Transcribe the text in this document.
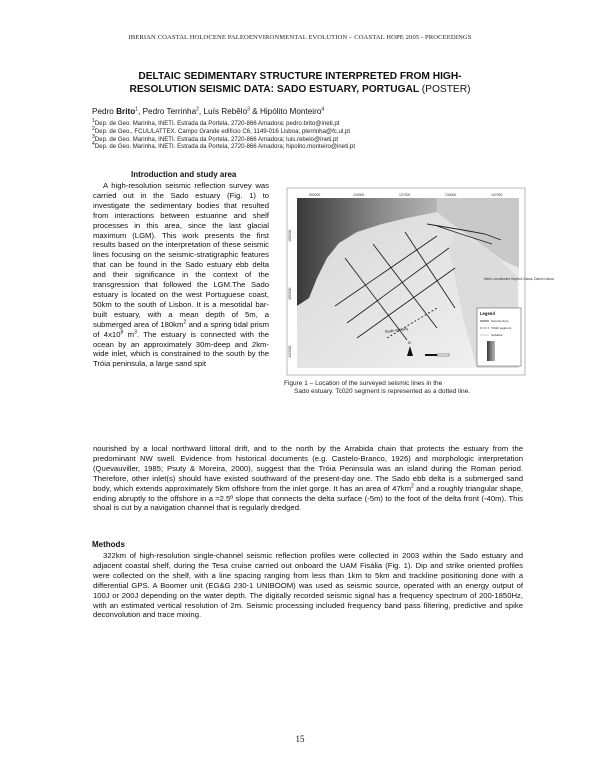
IBERIAN COASTAL HOLOCENE PALEOENVIRONMENTAL EVOLUTION – COASTAL HOPE 2005 - PROCEEDINGS
DELTAIC SEDIMENTARY STRUCTURE INTERPRETED FROM HIGH-
RESOLUTION SEISMIC DATA: SADO ESTUARY, PORTUGAL (POSTER)
Pedro Brito$^1$, Pedro Terrinha$^2$, Luís Rebêlo$^3$ & Hipólito Monteiro$^4$
$^1$Dep. de Geo. Marinha, INETI. Estrada da Portela, 2720-866 Amadora; pedro.brito@ineti.pt
$^2$Dep. de Geo., FCUL/LATTEX. Campo Grande edifício C6, 1149-016 Lisboa; pterrinha@fc.ul.pt
$^3$Dep. de Geo. Marinha, INETI. Estrada da Portela, 2720-866 Amadora; luis.rebelo@ineti.pt
$^4$Dep. de Geo. Marinha, INETI. Estrada da Portela, 2720-866 Amadora; hipolito.monteiro@ineti.pt
Introduction and study area
A high-resolution seismic reflection survey was carried out in the Sado estuary (Fig. 1) to investigate the sedimentary bodies that resulted from interactions between estuarine and shelf processes in this area, since the last glacial maximum (LGM). This work presents the first results based on the interpretation of these seismic lines focusing on the seismic-stratigraphic features that can be found in the Sado estuary ebb delta and their significance in the context of the transgression that followed the LGM.The Sado estuary is located on the west Portuguese coast, 50km to the south of Lisbon. It is a mesotidal bar-built estuary, with a mean depth of 5m, a submerged area of $180km^2$ and a spring tidal prism of $4x10^8$ $m^3$. The estuary is connected with the ocean by an approximately 30m-deep and 2km-wide inlet, which is constrained to the south by the Tróia peninsula, a large sand spit
500000	100000	127000	134000	147000
4265000
4255000
4245000
Sado estuary
N
Metric coordinates Hayford-Gauss, Datum Lisboa
Legend
Seismic lines
Tc020 segment
Isobaths
Figure 1 – Location of the surveyed seismic lines in the
Sado estuary. Tc020 segment is represented as a dotted line.
nourished by a local northward littoral drift, and to the north by the Arrabida chain that protects the estuary from the predominant NW swell. Evidence from historical documents (e.g. Castelo-Branco, 1926) and morphologic interpretation (Quevauviller, 1985; Psuty & Moreira, 2000), suggest that the Tróia Peninsula was an island during the Roman period. Therefore, other inlet(s) should have existed southward of the present-day one. The Sado ebb delta is a submerged sand body, which extends approximately 5km offshore from the inlet gorge. It has an area of $47km^2$ and a roughly triangular shape, ending abruptly to the offshore in a ≈2.5º slope that connects the delta surface (-5m) to the foot of the delta front (-40m). This shoal is cut by a navigation channel that is regularly dredged.
Methods
322km of high-resolution single-channel seismic reflection profiles were collected in 2003 within the Sado estuary and adjacent coastal shelf, during the Tesa cruise carried out onboard the UAM Fisália (Fig. 1). Dip and strike oriented profiles were collected on the shelf, with a line spacing ranging from less than 1km to 5km and trackline positioning done with a differential GPS. A Boomer unit (EG&G 230-1 UNIBOOM) was used as seismic source, operated with an energy output of 100J or 200J depending on the water depth. The digitally recorded seismic signal has a frequency spectrum of 200-1850Hz, with an estimated vertical resolution of 2m. Seismic processing included frequency band pass filtering, predictive and spike deconvolution and trace mixing.
15
